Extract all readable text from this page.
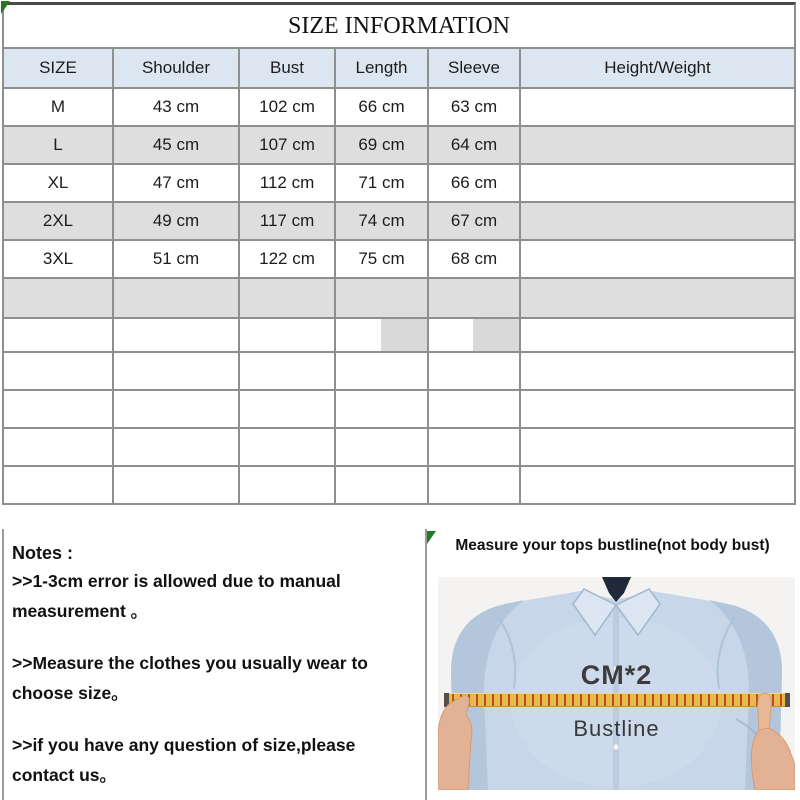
SIZE INFORMATION
SIZE	Shoulder	Bust	Length	Sleeve	Height/Weight
M	43 cm	102 cm	66 cm	63 cm
L	45 cm	107 cm	69 cm	64 cm
XL	47 cm	112 cm	71 cm	66 cm
2XL	49 cm	117 cm	74 cm	67 cm
3XL	51 cm	122 cm	75 cm	68 cm
Notes :

>>1-3cm error is allowed due to manual measurement 。

>>Measure the clothes you usually wear to choose size。

>>if you have any question of size,please contact us。

Measure your tops bustline(not body bust)
CM*2
Bustline
